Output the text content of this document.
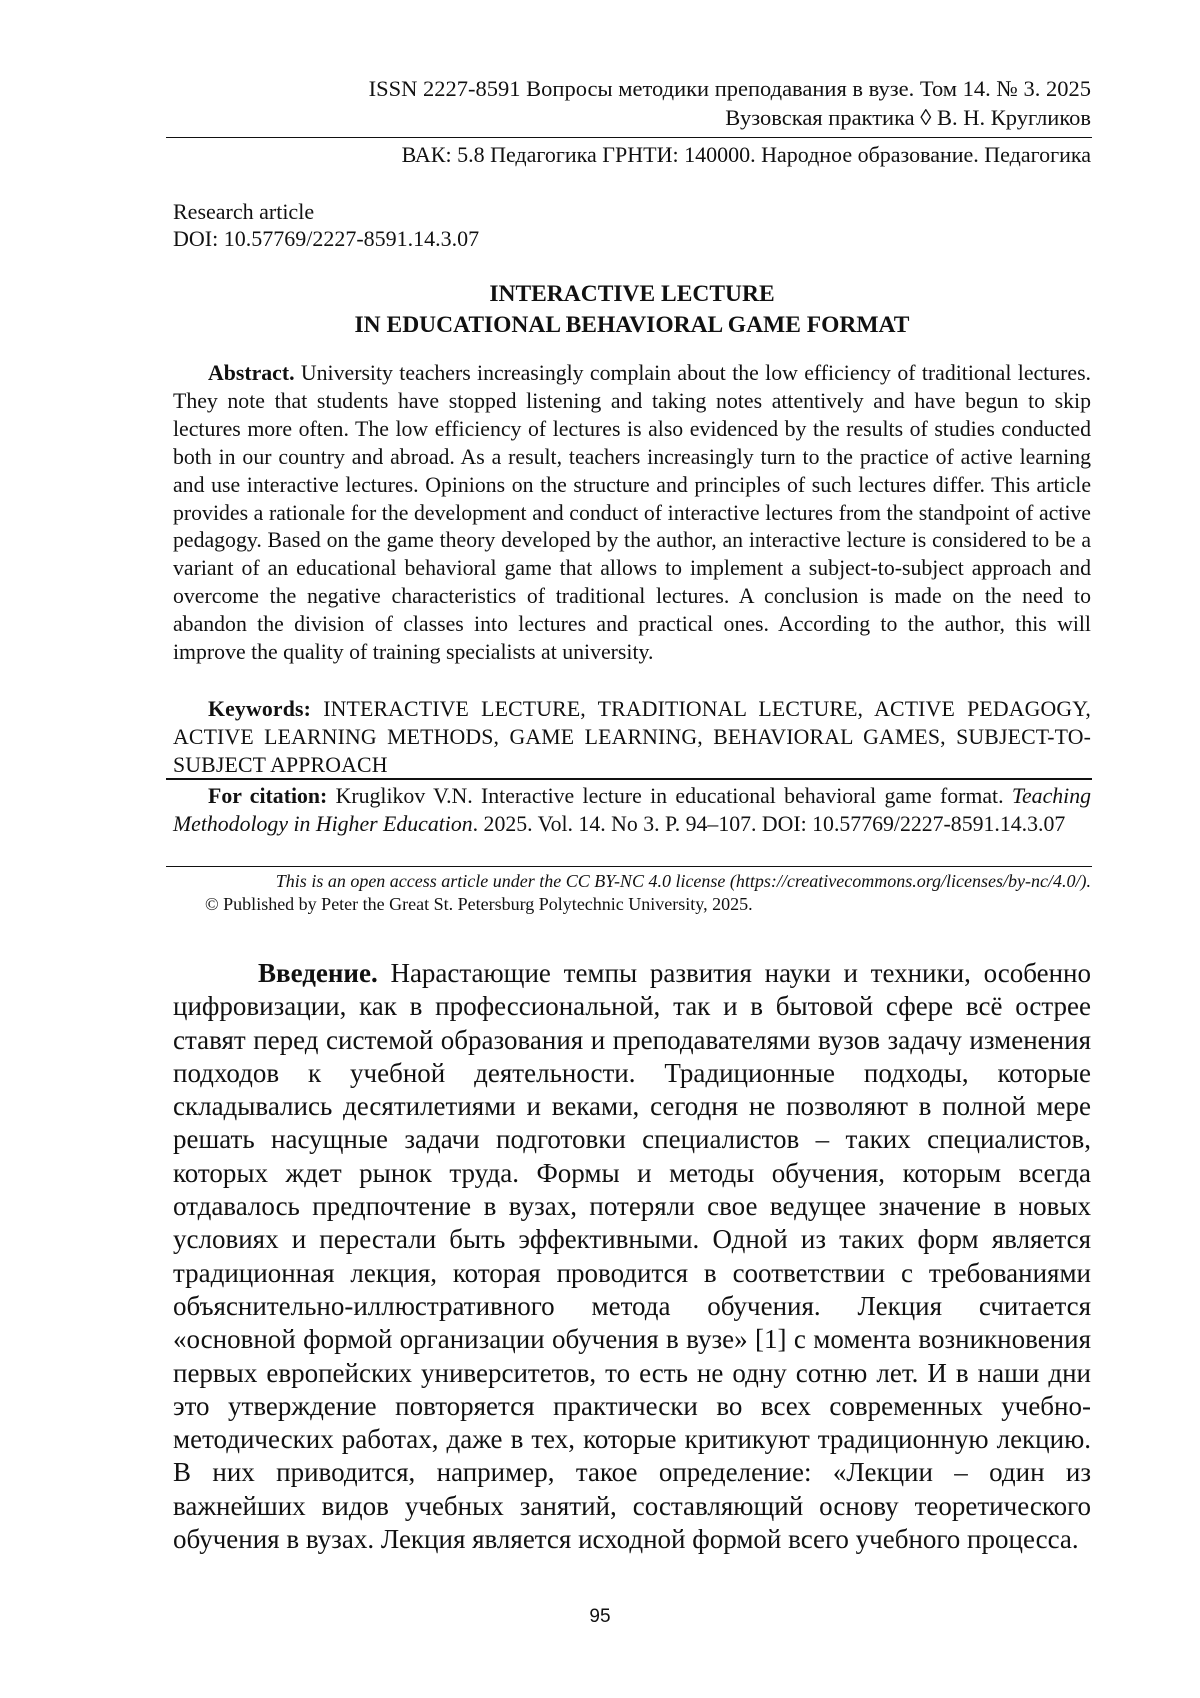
ISSN 2227-8591 Вопросы методики преподавания в вузе. Том 14. № 3. 2025
Вузовская практика ◊ В. Н. Кругликов
ВАК: 5.8 Педагогика ГРНТИ: 140000. Народное образование. Педагогика
Research article
DOI: 10.57769/2227-8591.14.3.07
INTERACTIVE LECTURE
IN EDUCATIONAL BEHAVIORAL GAME FORMAT
Abstract. University teachers increasingly complain about the low efficiency of traditional lectures. They note that students have stopped listening and taking notes attentively and have begun to skip lectures more often. The low efficiency of lectures is also evidenced by the results of studies conducted both in our country and abroad. As a result, teachers increasingly turn to the practice of active learning and use interactive lectures. Opinions on the structure and principles of such lectures differ. This article provides a rationale for the development and conduct of interactive lectures from the standpoint of active pedagogy. Based on the game theory developed by the author, an interactive lecture is considered to be a variant of an educational behavioral game that allows to implement a subject-to-subject approach and overcome the negative characteristics of traditional lectures. A conclusion is made on the need to abandon the division of classes into lectures and practical ones. According to the author, this will improve the quality of training specialists at university.
Keywords: INTERACTIVE LECTURE, TRADITIONAL LECTURE, ACTIVE PEDAGOGY, ACTIVE LEARNING METHODS, GAME LEARNING, BEHAVIORAL GAMES, SUBJECT-TO-SUBJECT APPROACH
For citation: Kruglikov V.N. Interactive lecture in educational behavioral game format. Teaching Methodology in Higher Education. 2025. Vol. 14. No 3. P. 94–107. DOI: 10.57769/2227-8591.14.3.07
This is an open access article under the CC BY-NC 4.0 license (https://creativecommons.org/licenses/by-nc/4.0/).
© Published by Peter the Great St. Petersburg Polytechnic University, 2025.
Введение. Нарастающие темпы развития науки и техники, особенно цифровизации, как в профессиональной, так и в бытовой сфере всё острее ставят перед системой образования и преподавателями вузов задачу изменения подходов к учебной деятельности. Традиционные подходы, которые складывались десятилетиями и веками, сегодня не позволяют в полной мере решать насущные задачи подготовки специалистов – таких специалистов, которых ждет рынок труда. Формы и методы обучения, которым всегда отдавалось предпочтение в вузах, потеряли свое ведущее значение в новых условиях и перестали быть эффективными. Одной из таких форм является традиционная лекция, которая проводится в соответствии с требованиями объяснительно-иллюстративного метода обучения. Лекция считается «основной формой организации обучения в вузе» [1] с момента возникновения первых европейских университетов, то есть не одну сотню лет. И в наши дни это утверждение повторяется практически во всех современных учебно-методических работах, даже в тех, которые критикуют традиционную лекцию. В них приводится, например, такое определение: «Лекции – один из важнейших видов учебных занятий, составляющий основу теоретического обучения в вузах. Лекция является исходной формой всего учебного процесса.
95
